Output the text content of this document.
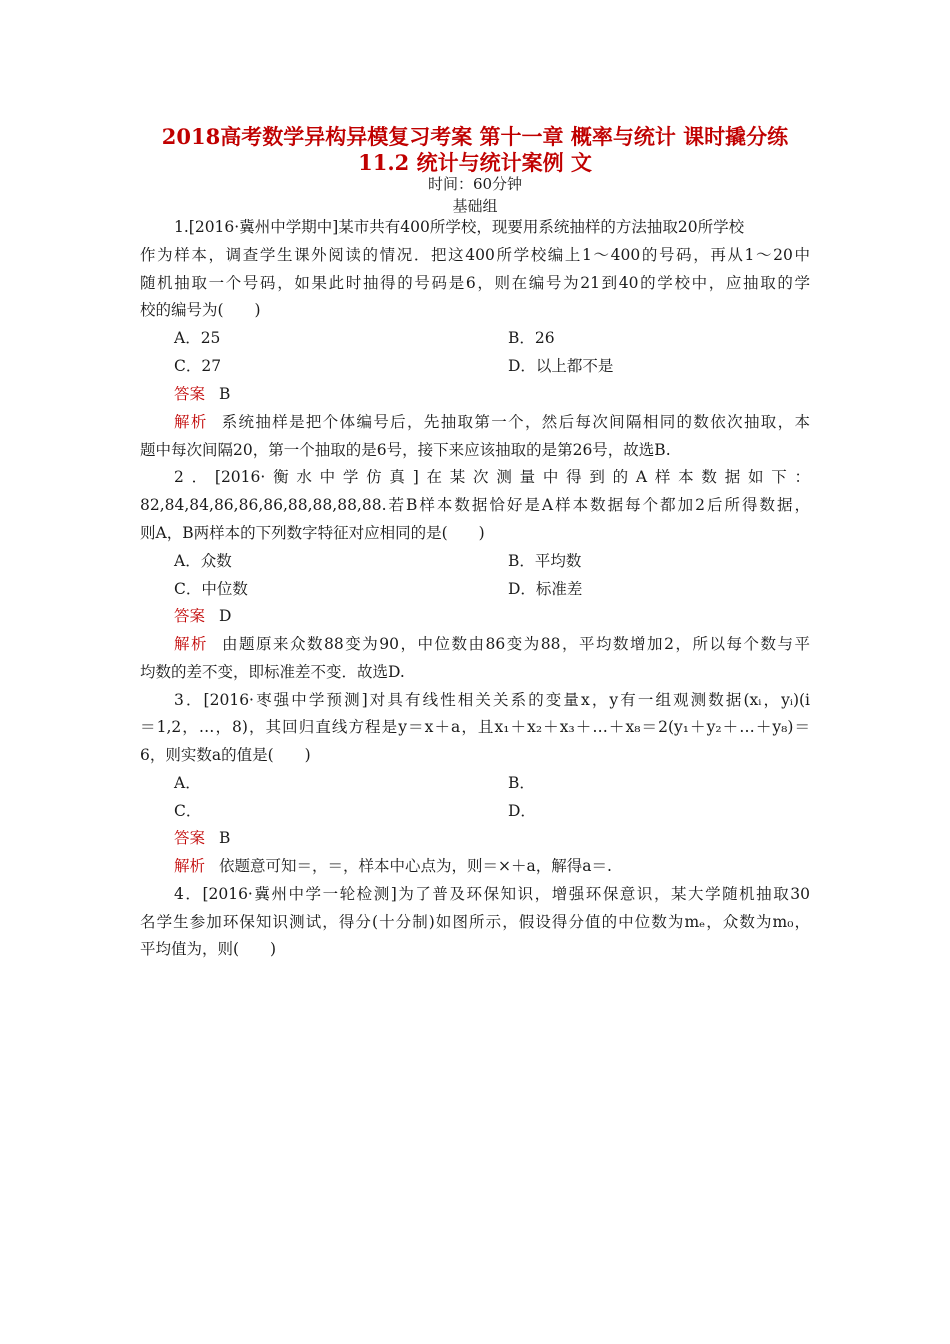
2018高考数学异构异模复习考案 第十一章 概率与统计 课时撬分练
11.2 统计与统计案例 文
时间：60分钟
基础组
1.[2016·冀州中学期中]某市共有400所学校，现要用系统抽样的方法抽取20所学校
作为样本，调查学生课外阅读的情况．把这400所学校编上1～400的号码，再从1～20中
随机抽取一个号码，如果此时抽得的号码是6，则在编号为21到40的学校中，应抽取的学
校的编号为(　　)
A．25	B．26
C．27	D．以上都不是
答案 B
解析 系统抽样是把个体编号后，先抽取第一个，然后每次间隔相同的数依次抽取，本
题中每次间隔20，第一个抽取的是6号，接下来应该抽取的是第26号，故选B.
2．[2016·衡水中学仿真]在某次测量中得到的A样本数据如下：
82,84,84,86,86,86,88,88,88,88.若B样本数据恰好是A样本数据每个都加2后所得数据，
则A，B两样本的下列数字特征对应相同的是(　　)
A．众数	B．平均数
C．中位数	D．标准差
答案 D
解析 由题原来众数88变为90，中位数由86变为88，平均数增加2，所以每个数与平
均数的差不变，即标准差不变．故选D.
3．[2016·枣强中学预测]对具有线性相关关系的变量x，y有一组观测数据(xᵢ，yᵢ)(i
＝1,2，…，8)，其回归直线方程是y＝x＋a，且x₁＋x₂＋x₃＋…＋x₈＝2(y₁＋y₂＋…＋y₈)＝
6，则实数a的值是(　　)
A．	B．
C．	D．
答案 B
解析 依题意可知＝，＝，样本中心点为，则＝×＋a，解得a＝.
4．[2016·冀州中学一轮检测]为了普及环保知识，增强环保意识，某大学随机抽取30
名学生参加环保知识测试，得分(十分制)如图所示，假设得分值的中位数为mₑ，众数为m₀，
平均值为，则(　　)
